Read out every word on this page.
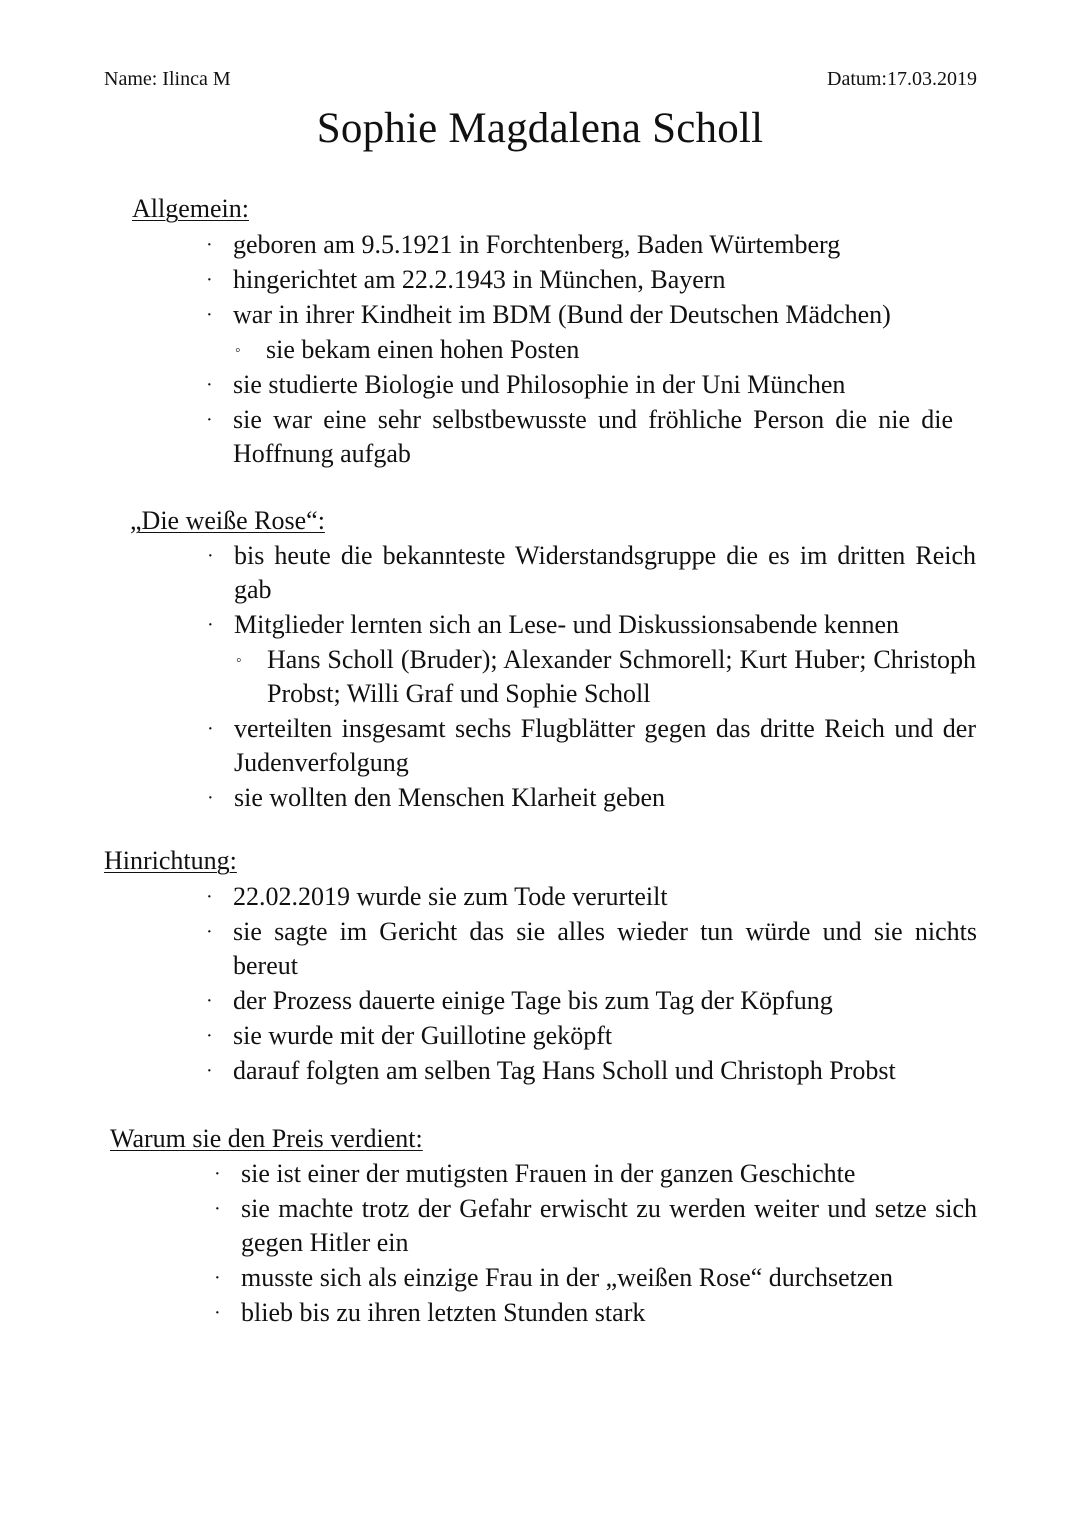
Name: Ilinca M	Datum:17.03.2019
Sophie Magdalena Scholl
Allgemein:
· geboren am 9.5.1921 in Forchtenberg, Baden Würtemberg
· hingerichtet am 22.2.1943 in München, Bayern
· war in ihrer Kindheit im BDM (Bund der Deutschen Mädchen)
◦ sie bekam einen hohen Posten
· sie studierte Biologie und Philosophie in der Uni München
· sie war eine sehr selbstbewusste und fröhliche Person die nie die Hoffnung aufgab
„Die weiße Rose“:
· bis heute die bekannteste Widerstandsgruppe die es im dritten Reich gab
· Mitglieder lernten sich an Lese- und Diskussionsabende kennen
◦ Hans Scholl (Bruder); Alexander Schmorell; Kurt Huber; Christoph Probst; Willi Graf und Sophie Scholl
· verteilten insgesamt sechs Flugblätter gegen das dritte Reich und der Judenverfolgung
· sie wollten den Menschen Klarheit geben
Hinrichtung:
· 22.02.2019 wurde sie zum Tode verurteilt
· sie sagte im Gericht das sie alles wieder tun würde und sie nichts bereut
· der Prozess dauerte einige Tage bis zum Tag der Köpfung
· sie wurde mit der Guillotine geköpft
· darauf folgten am selben Tag Hans Scholl und Christoph Probst
Warum sie den Preis verdient:
· sie ist einer der mutigsten Frauen in der ganzen Geschichte
· sie machte trotz der Gefahr erwischt zu werden weiter und setze sich gegen Hitler ein
· musste sich als einzige Frau in der „weißen Rose“ durchsetzen
· blieb bis zu ihren letzten Stunden stark
